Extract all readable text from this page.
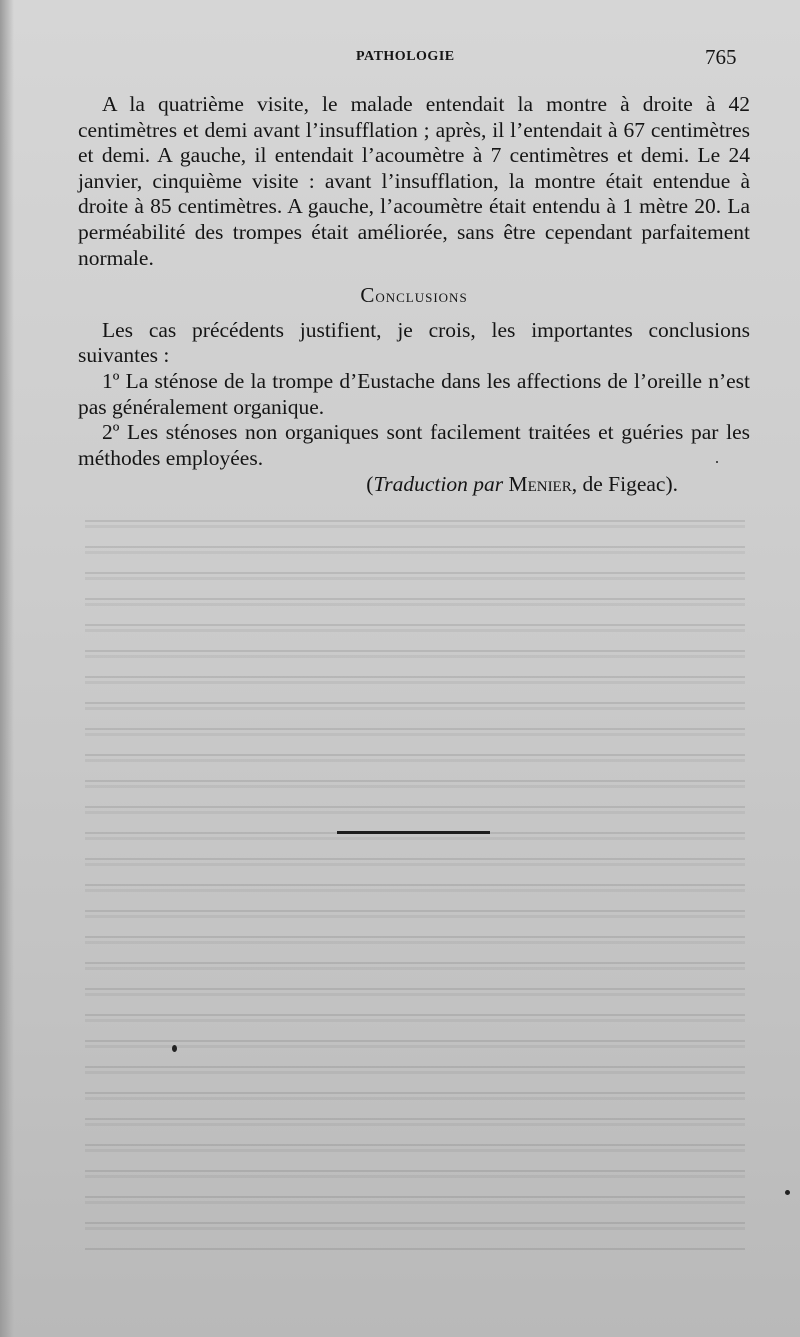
PATHOLOGIE	765

A la quatrième visite, le malade entendait la montre à droite à 42 centimètres et demi avant l’insufflation ; après, il l’entendait à 67 centimètres et demi. A gauche, il entendait l’acoumètre à 7 centimètres et demi. Le 24 janvier, cinquième visite : avant l’insufflation, la montre était entendue à droite à 85 centimètres. A gauche, l’acoumètre était entendu à 1 mètre 20. La perméabilité des trompes était améliorée, sans être cependant parfaitement normale.

Conclusions

Les cas précédents justifient, je crois, les importantes conclusions suivantes :

1º La sténose de la trompe d’Eustache dans les affections de l’oreille n’est pas généralement organique.

2º Les sténoses non organiques sont facilement traitées et guéries par les méthodes employées.

(Traduction par Menier, de Figeac).
